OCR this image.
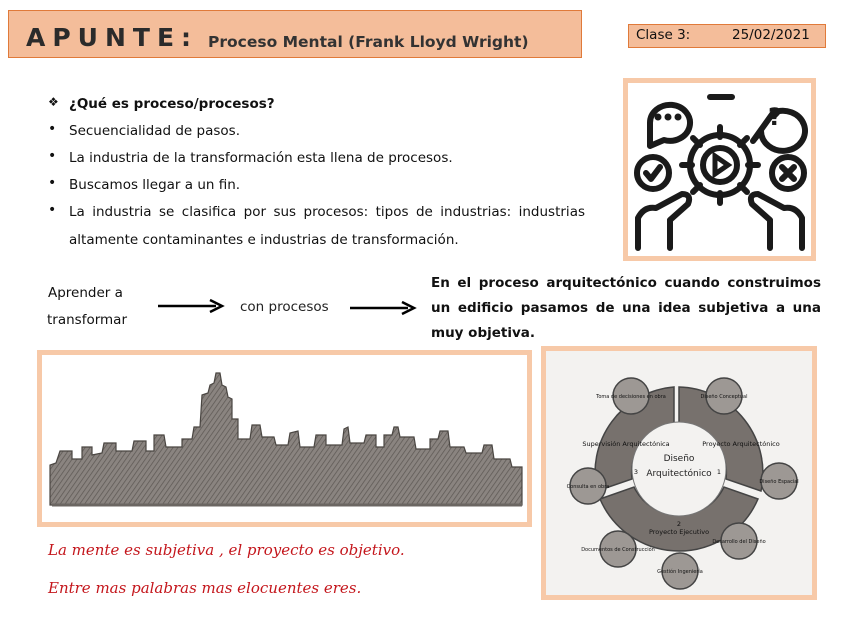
APUNTE: Proceso Mental (Frank Lloyd Wright)	Clase 3:	25/02/2021
❖ ¿Qué es proceso/procesos?
• Secuencialidad de pasos.
• La industria de la transformación esta llena de procesos.
• Buscamos llegar a un fin.
• La industria se clasifica por sus procesos: tipos de industrias: industrias
altamente contaminantes e industrias de transformación.
?
Aprender a
transformar
con procesos
En el proceso arquitectónico cuando construimos un edificio pasamos de una idea subjetiva a una muy objetiva.
Diseño
Arquitectónico
Supervisión Arquitectónica	Proyecto Arquitectónico
Proyecto Ejecutivo
1
2
3
Diseño Conceptual
Diseño Espacial
Desarrollo del Diseño
Gestión Ingeniería
Documentos de Construcción
Consulta en obra
Toma de decisiones en obra
La mente es subjetiva , el proyecto es objetivo.
Entre mas palabras mas elocuentes eres.
